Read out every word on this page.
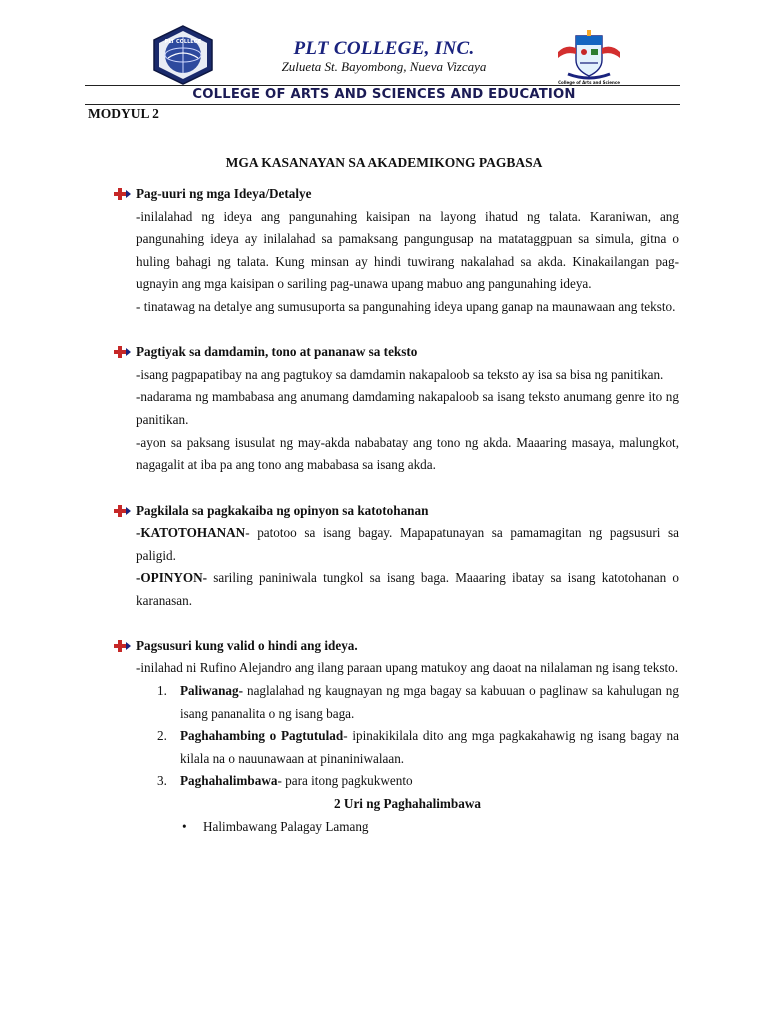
PLT COLLEGE	PLT COLLEGE, INC.
Zulueta St. Bayombong, Nueva Vizcaya
College of Arts and Science
COLLEGE OF ARTS AND SCIENCES AND EDUCATION
MODYUL 2
MGA KASANAYAN SA AKADEMIKONG PAGBASA
Pag-uuri ng mga Ideya/Detalye
-inilalahad ng ideya ang pangunahing kaisipan na layong ihatud ng talata. Karaniwan, ang pangunahing ideya ay inilalahad sa pamaksang pangungusap na matataggpuan sa simula, gitna o huling bahagi ng talata. Kung minsan ay hindi tuwirang nakalahad sa akda. Kinakailangan pag-ugnayin ang mga kaisipan o sariling pag-unawa upang mabuo ang pangunahing ideya.
- tinatawag na detalye ang sumusuporta sa pangunahing ideya upang ganap na maunawaan ang teksto.
Pagtiyak sa damdamin, tono at pananaw sa teksto
-isang pagpapatibay na ang pagtukoy sa damdamin nakapaloob sa teksto ay isa sa bisa ng panitikan.
-nadarama ng mambabasa ang anumang damdaming nakapaloob sa isang teksto anumang genre ito ng panitikan.
-ayon sa paksang isusulat ng may-akda nababatay ang tono ng akda. Maaaring masaya, malungkot, nagagalit at iba pa ang tono ang mababasa sa isang akda.
Pagkilala sa pagkakaiba ng opinyon sa katotohanan
-KATOTOHANAN- patotoo sa isang bagay. Mapapatunayan sa pamamagitan ng pagsusuri sa paligid.
-OPINYON- sariling paniniwala tungkol sa isang baga. Maaaring ibatay sa isang katotohanan o karanasan.
Pagsusuri kung valid o hindi ang ideya.
-inilahad ni Rufino Alejandro ang ilang paraan upang matukoy ang daoat na nilalaman ng isang teksto.
1. Paliwanag- naglalahad ng kaugnayan ng mga bagay sa kabuuan o paglinaw sa kahulugan ng isang pananalita o ng isang baga.
2. Paghahambing o Pagtutulad- ipinakikilala dito ang mga pagkakahawig ng isang bagay na kilala na o nauunawaan at pinaniniwalaan.
3. Paghahalimbawa- para itong pagkukwento
2 Uri ng Paghahalimbawa
• Halimbawang Palagay Lamang
